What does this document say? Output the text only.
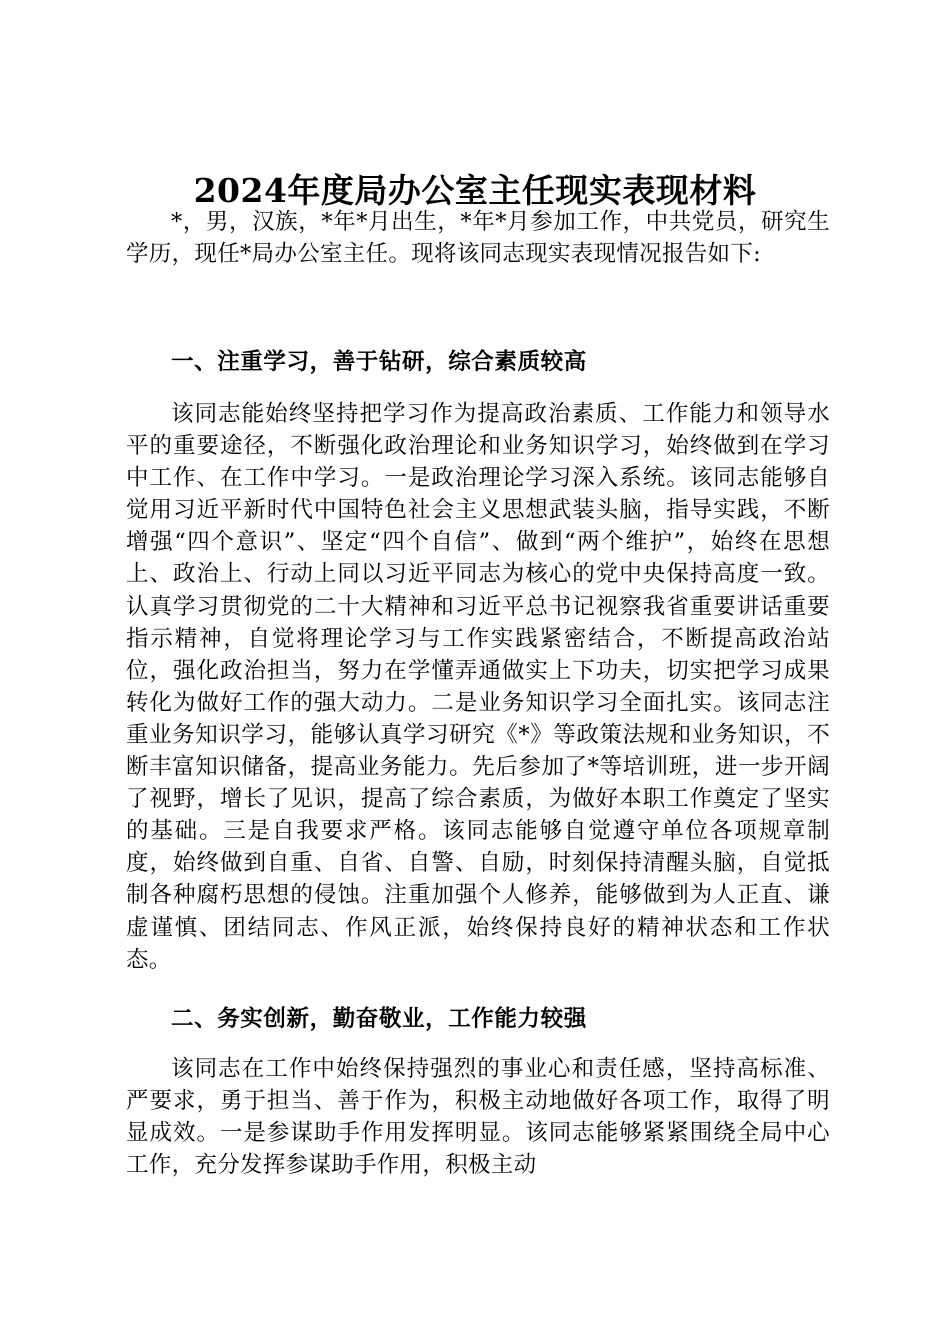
2024年度局办公室主任现实表现材料

*，男，汉族，*年*月出生，*年*月参加工作，中共党员，研究生学历，现任*局办公室主任。现将该同志现实表现情况报告如下:

一、注重学习，善于钻研，综合素质较高

该同志能始终坚持把学习作为提高政治素质、工作能力和领导水平的重要途径，不断强化政治理论和业务知识学习，始终做到在学习中工作、在工作中学习。一是政治理论学习深入系统。该同志能够自觉用习近平新时代中国特色社会主义思想武装头脑，指导实践，不断增强“四个意识”、坚定“四个自信”、做到“两个维护”，始终在思想上、政治上、行动上同以习近平同志为核心的党中央保持高度一致。认真学习贯彻党的二十大精神和习近平总书记视察我省重要讲话重要指示精神，自觉将理论学习与工作实践紧密结合，不断提高政治站位，强化政治担当，努力在学懂弄通做实上下功夫，切实把学习成果转化为做好工作的强大动力。二是业务知识学习全面扎实。该同志注重业务知识学习，能够认真学习研究《*》等政策法规和业务知识，不断丰富知识储备，提高业务能力。先后参加了*等培训班，进一步开阔了视野，增长了见识，提高了综合素质，为做好本职工作奠定了坚实的基础。三是自我要求严格。该同志能够自觉遵守单位各项规章制度，始终做到自重、自省、自警、自励，时刻保持清醒头脑，自觉抵制各种腐朽思想的侵蚀。注重加强个人修养，能够做到为人正直、谦虚谨慎、团结同志、作风正派，始终保持良好的精神状态和工作状态。

二、务实创新，勤奋敬业，工作能力较强

该同志在工作中始终保持强烈的事业心和责任感，坚持高标准、严要求，勇于担当、善于作为，积极主动地做好各项工作，取得了明显成效。一是参谋助手作用发挥明显。该同志能够紧紧围绕全局中心工作，充分发挥参谋助手作用，积极主动
